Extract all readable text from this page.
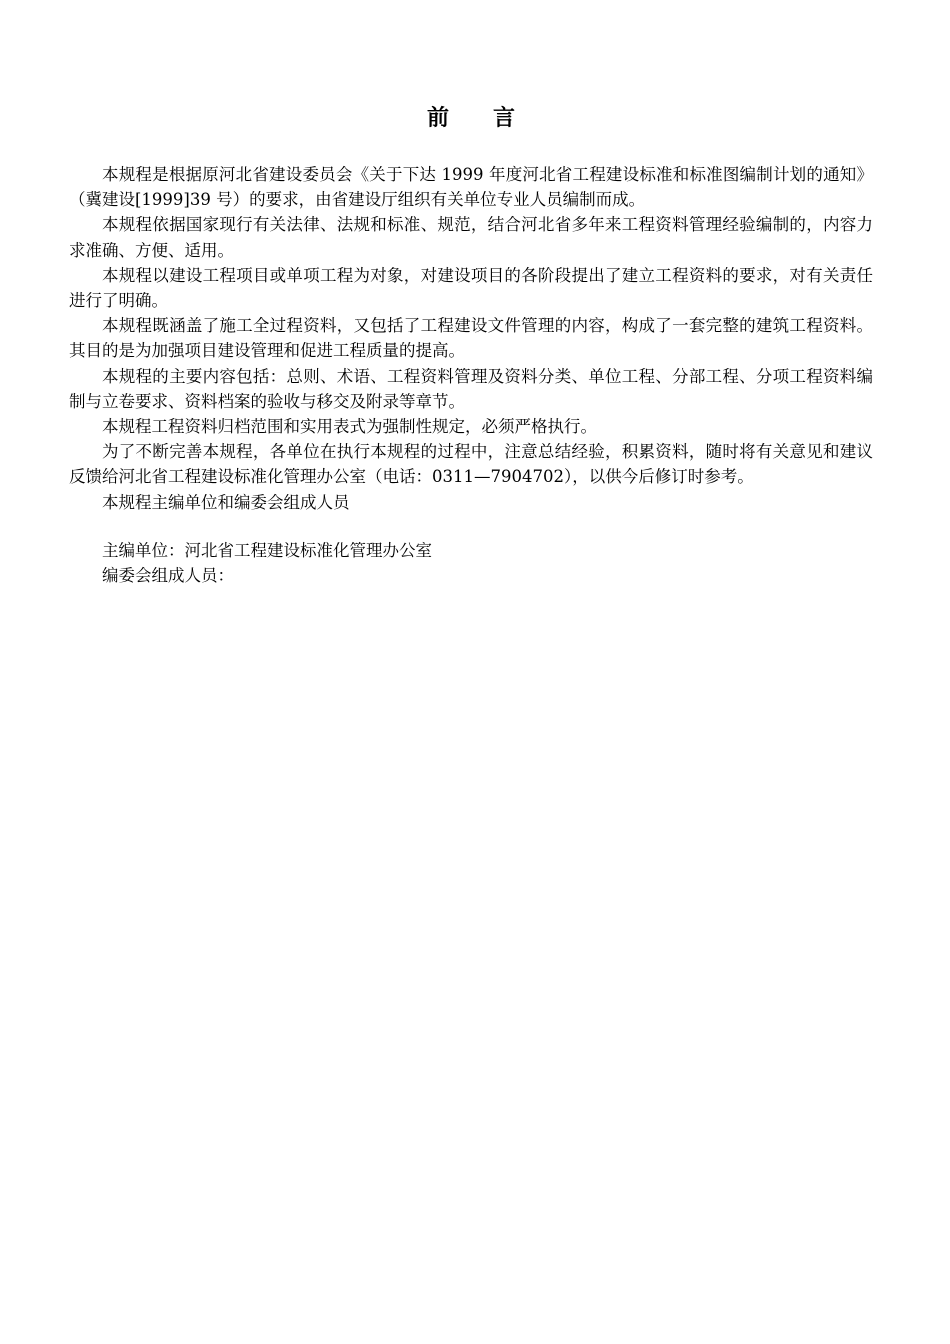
前言

本规程是根据原河北省建设委员会《关于下达 1999 年度河北省工程建设标准和标准图编制计划的通知》（冀建设[1999]39 号）的要求，由省建设厅组织有关单位专业人员编制而成。

本规程依据国家现行有关法律、法规和标准、规范，结合河北省多年来工程资料管理经验编制的，内容力求准确、方便、适用。

本规程以建设工程项目或单项工程为对象，对建设项目的各阶段提出了建立工程资料的要求，对有关责任进行了明确。

本规程既涵盖了施工全过程资料，又包括了工程建设文件管理的内容，构成了一套完整的建筑工程资料。其目的是为加强项目建设管理和促进工程质量的提高。

本规程的主要内容包括：总则、术语、工程资料管理及资料分类、单位工程、分部工程、分项工程资料编制与立卷要求、资料档案的验收与移交及附录等章节。

本规程工程资料归档范围和实用表式为强制性规定，必须严格执行。

为了不断完善本规程，各单位在执行本规程的过程中，注意总结经验，积累资料，随时将有关意见和建议反馈给河北省工程建设标准化管理办公室（电话：0311—7904702），以供今后修订时参考。

本规程主编单位和编委会组成人员

主编单位：河北省工程建设标准化管理办公室

编委会组成人员：
